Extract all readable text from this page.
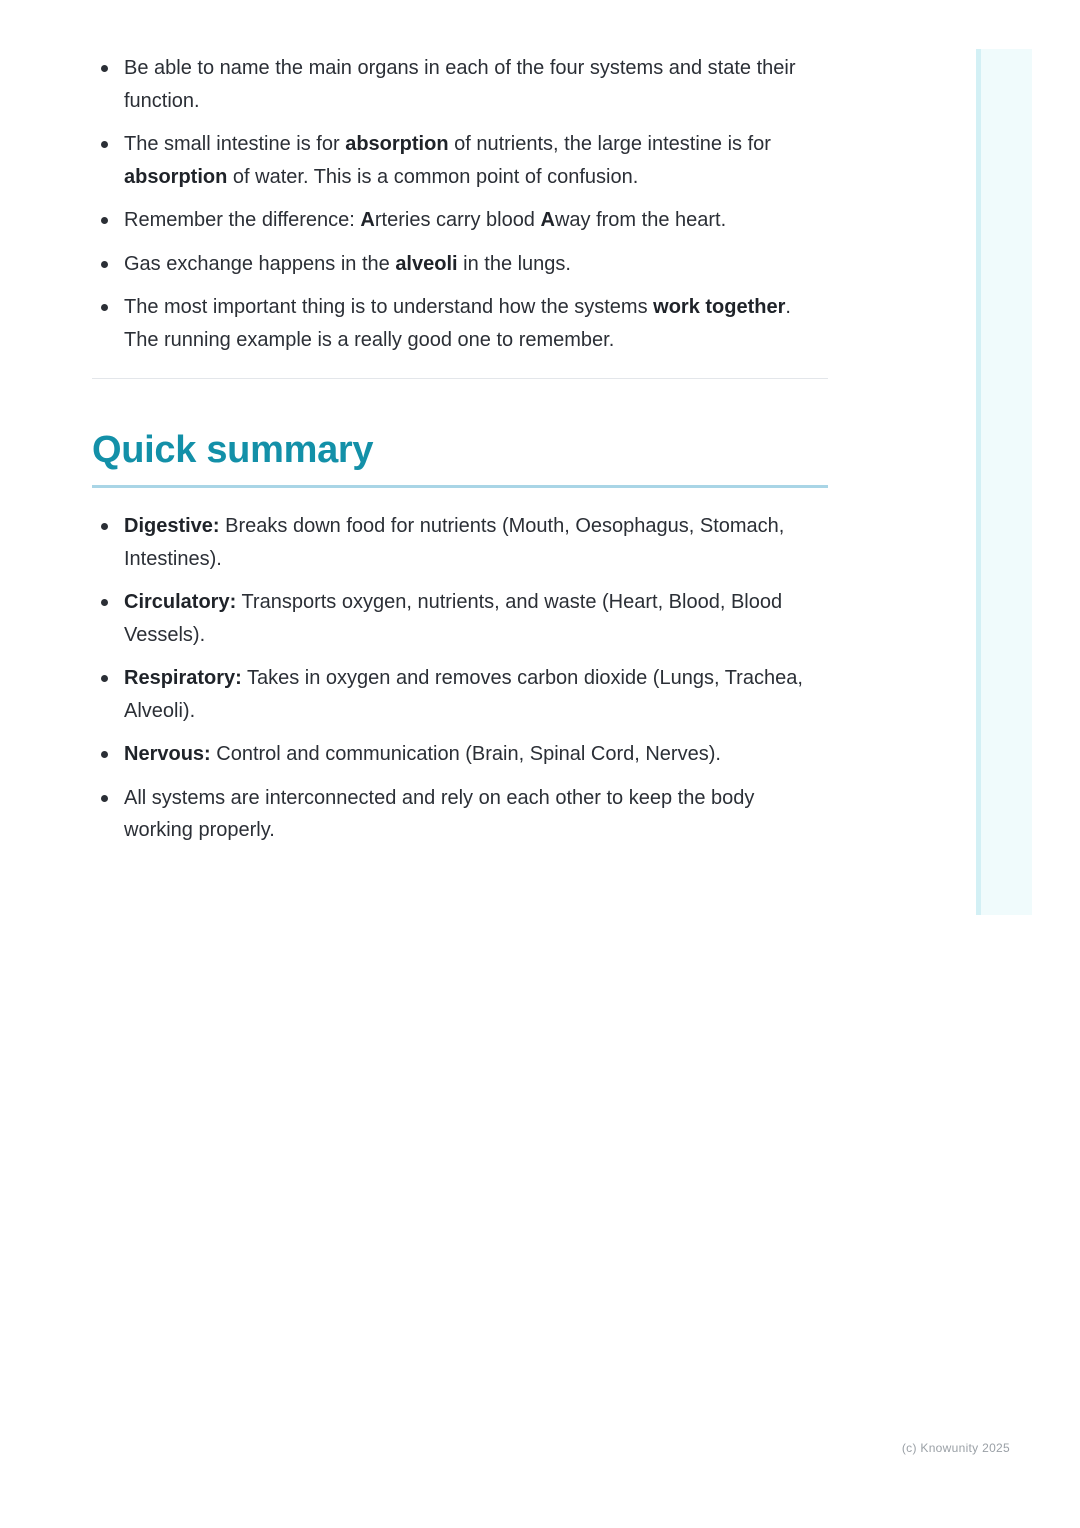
Be able to name the main organs in each of the four systems and state their function.
The small intestine is for absorption of nutrients, the large intestine is for absorption of water. This is a common point of confusion.
Remember the difference: Arteries carry blood Away from the heart.
Gas exchange happens in the alveoli in the lungs.
The most important thing is to understand how the systems work together. The running example is a really good one to remember.
Quick summary
Digestive: Breaks down food for nutrients (Mouth, Oesophagus, Stomach, Intestines).
Circulatory: Transports oxygen, nutrients, and waste (Heart, Blood, Blood Vessels).
Respiratory: Takes in oxygen and removes carbon dioxide (Lungs, Trachea, Alveoli).
Nervous: Control and communication (Brain, Spinal Cord, Nerves).
All systems are interconnected and rely on each other to keep the body working properly.
(c) Knowunity 2025
